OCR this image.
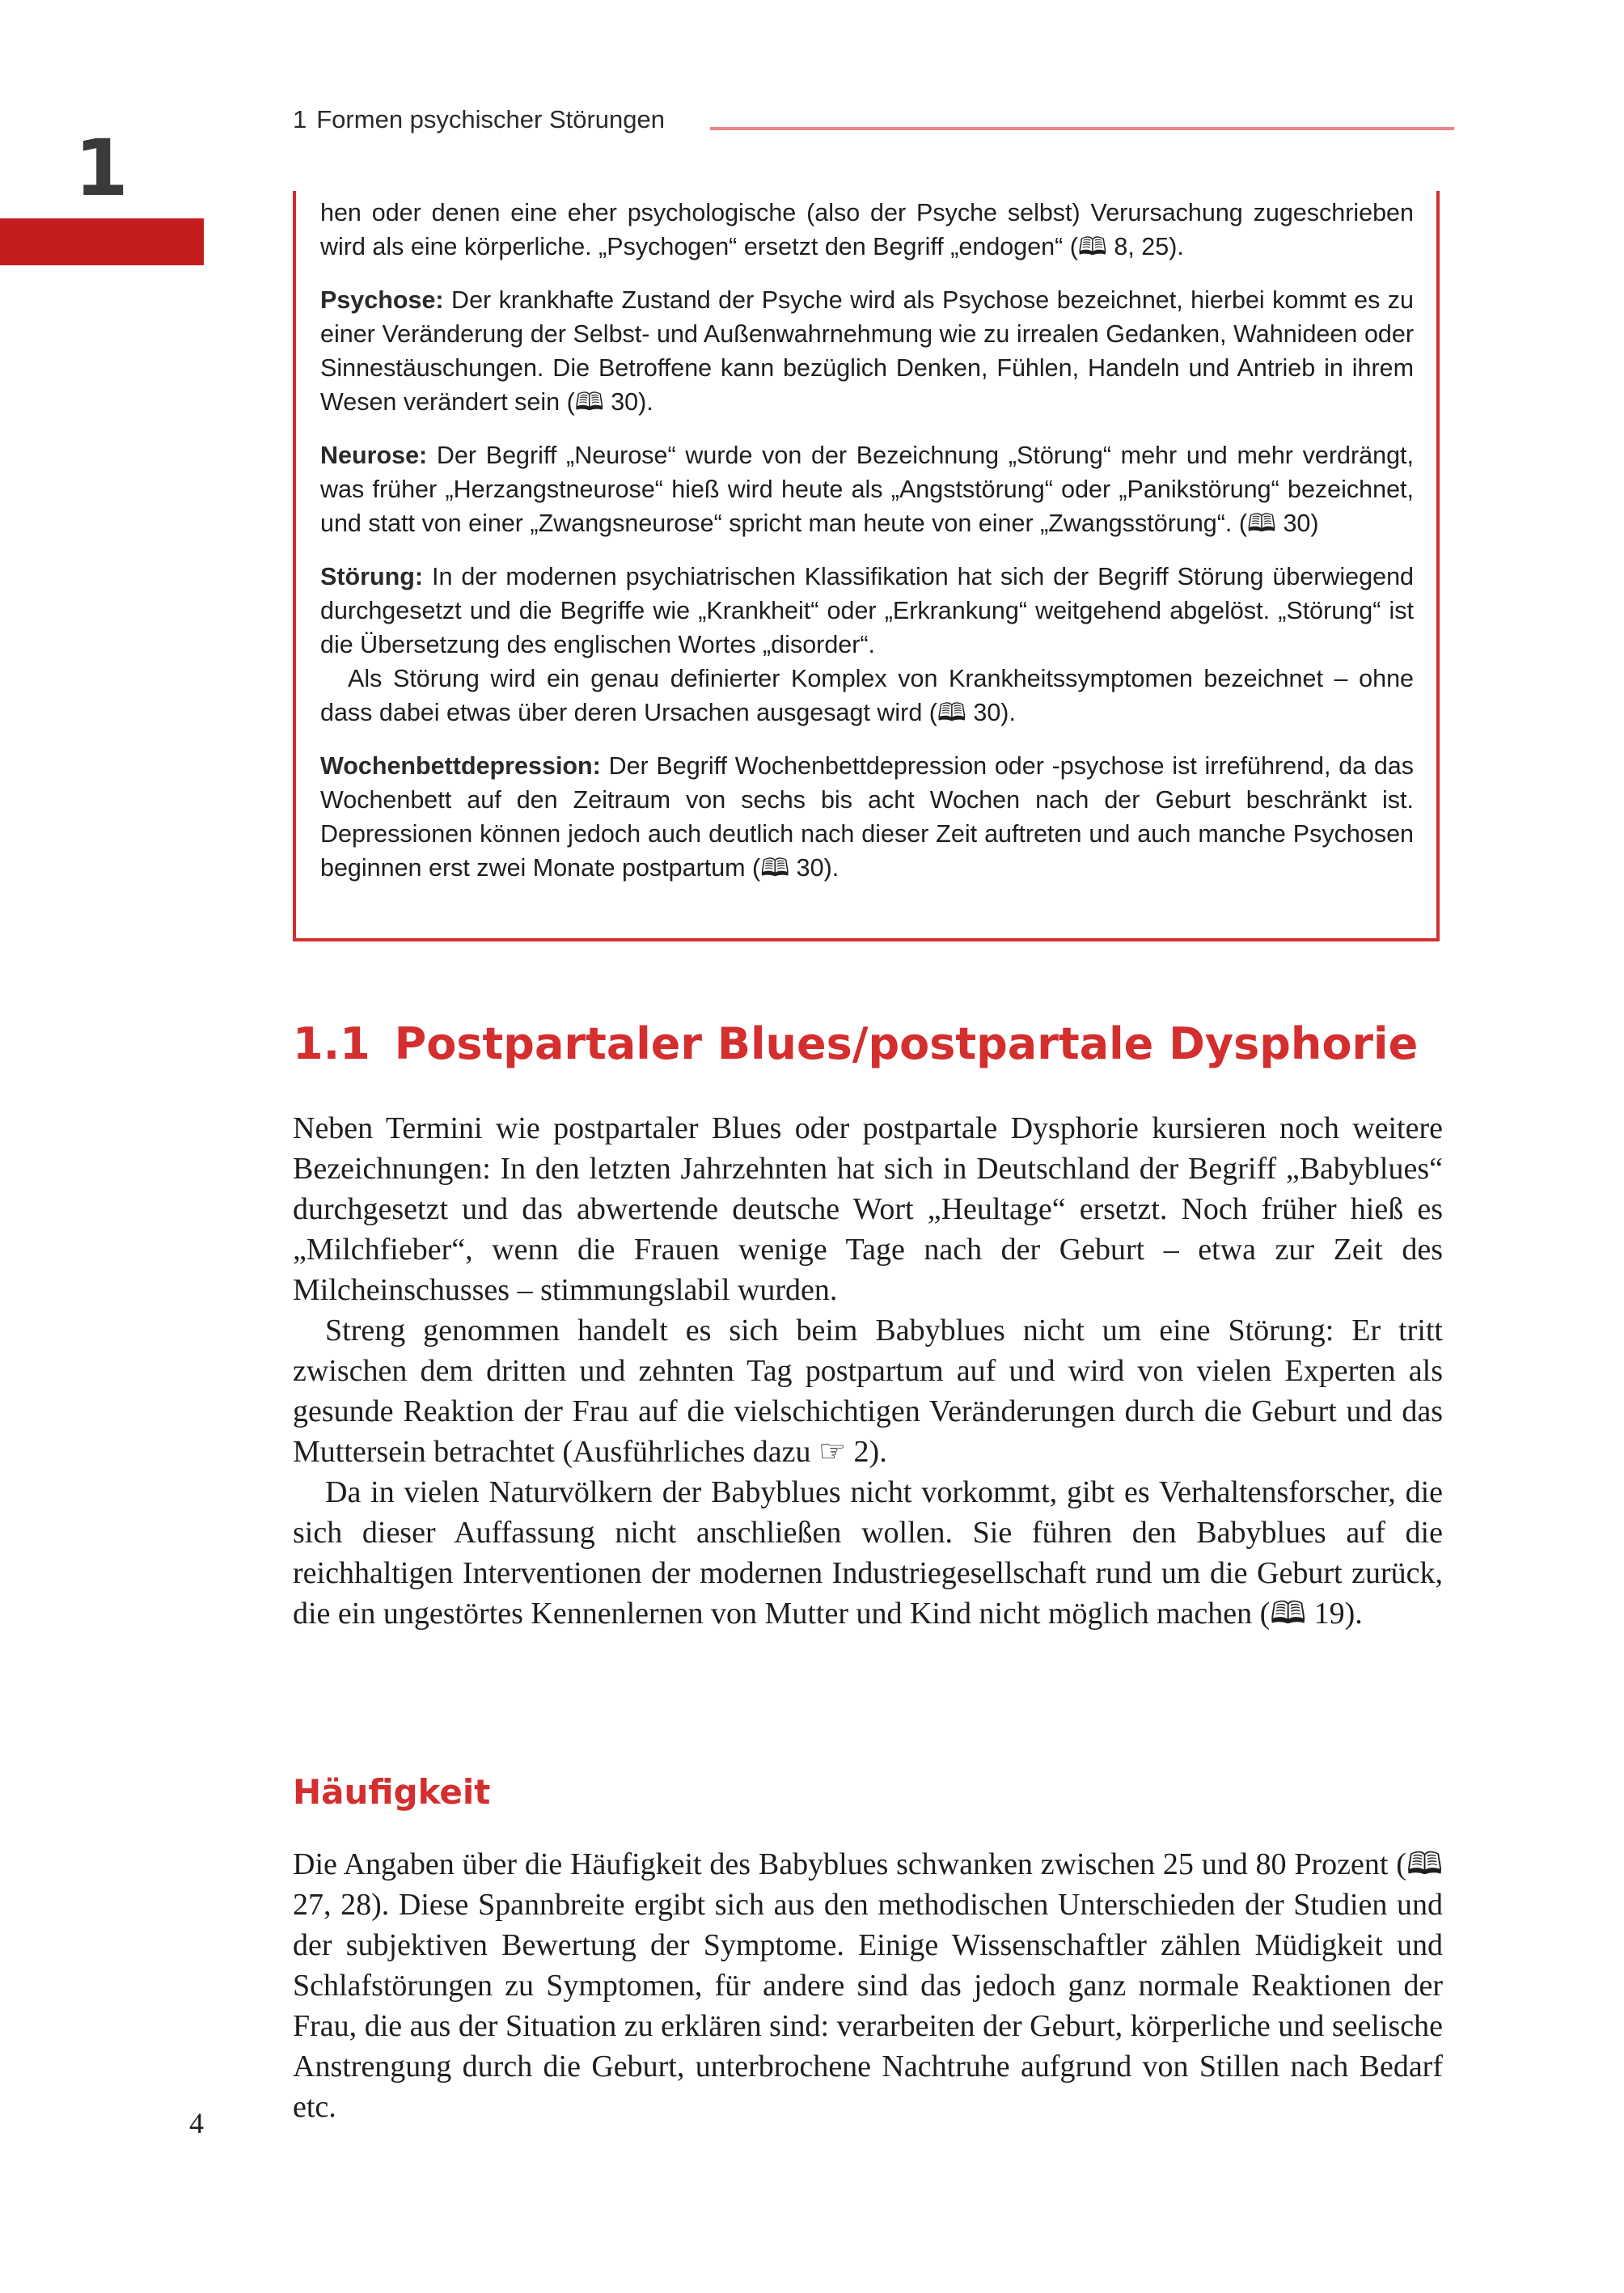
1
1 Formen psychischer Störungen

hen oder denen eine eher psychologische (also der Psyche selbst) Verursachung zugeschrieben wird als eine körperliche. „Psychogen“ ersetzt den Begriff „endogen“ (🕮 8, 25).

Psychose: Der krankhafte Zustand der Psyche wird als Psychose bezeichnet, hierbei kommt es zu einer Veränderung der Selbst- und Außenwahrnehmung wie zu irrealen Gedanken, Wahnideen oder Sinnestäuschungen. Die Betroffene kann bezüglich Denken, Fühlen, Handeln und Antrieb in ihrem Wesen verändert sein (🕮 30).

Neurose: Der Begriff „Neurose“ wurde von der Bezeichnung „Störung“ mehr und mehr verdrängt, was früher „Herzangstneurose“ hieß wird heute als „Angststörung“ oder „Panikstörung“ bezeichnet, und statt von einer „Zwangsneurose“ spricht man heute von einer „Zwangsstörung“. (🕮 30)

Störung: In der modernen psychiatrischen Klassifikation hat sich der Begriff Störung überwiegend durchgesetzt und die Begriffe wie „Krankheit“ oder „Erkrankung“ weitgehend abgelöst. „Störung“ ist die Übersetzung des englischen Wortes „disorder“.

Als Störung wird ein genau definierter Komplex von Krankheitssymptomen bezeichnet – ohne dass dabei etwas über deren Ursachen ausgesagt wird (🕮 30).

Wochenbettdepression: Der Begriff Wochenbettdepression oder -psychose ist irreführend, da das Wochenbett auf den Zeitraum von sechs bis acht Wochen nach der Geburt beschränkt ist. Depressionen können jedoch auch deutlich nach dieser Zeit auftreten und auch manche Psychosen beginnen erst zwei Monate postpartum (🕮 30).

1.1 Postpartaler Blues/postpartale Dysphorie

Neben Termini wie postpartaler Blues oder postpartale Dysphorie kursieren noch weitere Bezeichnungen: In den letzten Jahrzehnten hat sich in Deutschland der Begriff „Babyblues“ durchgesetzt und das abwertende deutsche Wort „Heultage“ ersetzt. Noch früher hieß es „Milchfieber“, wenn die Frauen wenige Tage nach der Geburt – etwa zur Zeit des Milcheinschusses – stimmungslabil wurden.

Streng genommen handelt es sich beim Babyblues nicht um eine Störung: Er tritt zwischen dem dritten und zehnten Tag postpartum auf und wird von vielen Experten als gesunde Reaktion der Frau auf die vielschichtigen Veränderungen durch die Geburt und das Muttersein betrachtet (Ausführliches dazu ☞ 2).

Da in vielen Naturvölkern der Babyblues nicht vorkommt, gibt es Verhaltensforscher, die sich dieser Auffassung nicht anschließen wollen. Sie führen den Babyblues auf die reichhaltigen Interventionen der modernen Industriegesellschaft rund um die Geburt zurück, die ein ungestörtes Kennenlernen von Mutter und Kind nicht möglich machen (🕮 19).

Häufigkeit

Die Angaben über die Häufigkeit des Babyblues schwanken zwischen 25 und 80 Prozent (🕮 27, 28). Diese Spannbreite ergibt sich aus den methodischen Unterschieden der Studien und der subjektiven Bewertung der Symptome. Einige Wissenschaftler zählen Müdigkeit und Schlafstörungen zu Symptomen, für andere sind das jedoch ganz normale Reaktionen der Frau, die aus der Situation zu erklären sind: verarbeiten der Geburt, körperliche und seelische Anstrengung durch die Geburt, unterbrochene Nachtruhe aufgrund von Stillen nach Bedarf etc.

4
